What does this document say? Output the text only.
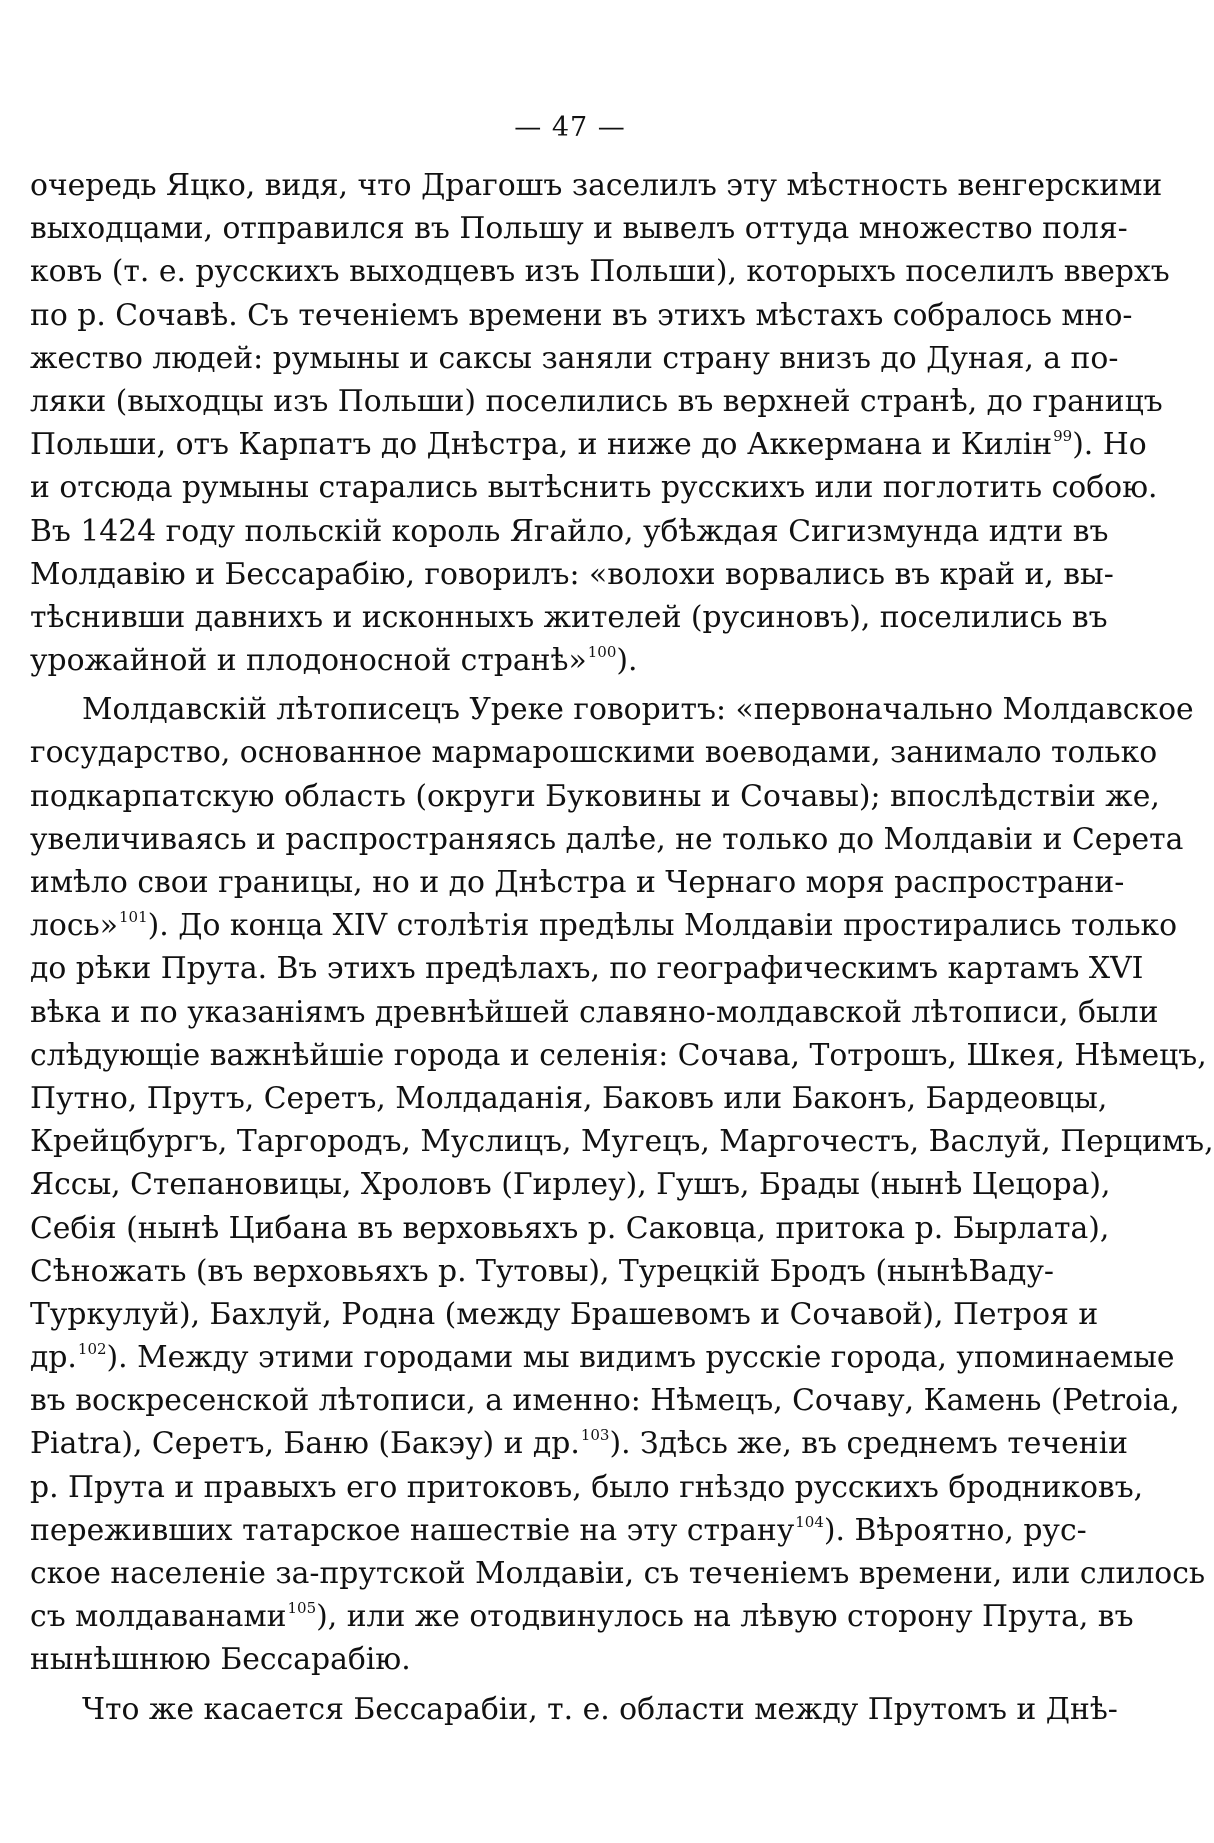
— 47 —
очередь Яцко, видя, что Драгошъ заселилъ эту мѣстность венгерскими
выходцами, отправился въ Польшу и вывелъ оттуда множество поля-
ковъ (т. е. русскихъ выходцевъ изъ Польши), которыхъ поселилъ вверхъ
по р. Сочавѣ. Съ теченіемъ времени въ этихъ мѣстахъ собралось мно-
жество людей: румыны и саксы заняли страну внизъ до Дуная, а по-
ляки (выходцы изъ Польши) поселились въ верхней странѣ, до границъ
Польши, отъ Карпатъ до Днѣстра, и ниже до Аккермана и Килін$^{99}$). Но
и отсюда румыны старались вытѣснить русскихъ или поглотить собою.
Въ 1424 году польскій король Ягайло, убѣждая Сигизмунда идти въ
Молдавію и Бессарабію, говорилъ: «волохи ворвались въ край и, вы-
тѣснивши давнихъ и исконныхъ жителей (русиновъ), поселились въ
урожайной и плодоносной странѣ»$^{100}$).
Молдавскій лѣтописецъ Уреке говоритъ: «первоначально Молдавское
государство, основанное мармарошскими воеводами, занимало только
подкарпатскую область (округи Буковины и Сочавы); впослѣдствіи же,
увеличиваясь и распространяясь далѣе, не только до Молдавіи и Серета
имѣло свои границы, но и до Днѣстра и Чернаго моря распространи-
лось»$^{101}$). До конца XIV столѣтія предѣлы Молдавіи простирались только
до рѣки Прута. Въ этихъ предѣлахъ, по географическимъ картамъ XVI
вѣка и по указаніямъ древнѣйшей славяно-молдавской лѣтописи, были
слѣдующіе важнѣйшіе города и селенія: Сочава, Тотрошъ, Шкея, Нѣмецъ,
Путно, Прутъ, Серетъ, Молдаданія, Баковъ или Баконъ, Бардеовцы,
Крейцбургъ, Таргородъ, Муслицъ, Мугецъ, Маргочестъ, Васлуй, Перцимъ,
Яссы, Степановицы, Хроловъ (Гирлеу), Гушъ, Брады (нынѣ Цецора),
Себія (нынѣ Цибана въ верховьяхъ р. Саковца, притока р. Бырлата),
Сѣножать (въ верховьяхъ р. Тутовы), Турецкій Бродъ (нынѣВаду-
Туркулуй), Бахлуй, Родна (между Брашевомъ и Сочавой), Петроя и
др.$^{102}$). Между этими городами мы видимъ русскіе города, упоминаемые
въ воскресенской лѣтописи, а именно: Нѣмецъ, Сочаву, Камень (Petroia,
Piatra), Серетъ, Баню (Бакэу) и др.$^{103}$). Здѣсь же, въ среднемъ теченіи
р. Прута и правыхъ его притоковъ, было гнѣздо русскихъ бродниковъ,
переживших татарское нашествіе на эту страну$^{104}$). Вѣроятно, рус-
ское населеніе за-прутской Молдавіи, съ теченіемъ времени, или слилось
съ молдаванами$^{105}$), или же отодвинулось на лѣвую сторону Прута, въ
нынѣшнюю Бессарабію.
Что же касается Бессарабіи, т. е. области между Прутомъ и Днѣ-
